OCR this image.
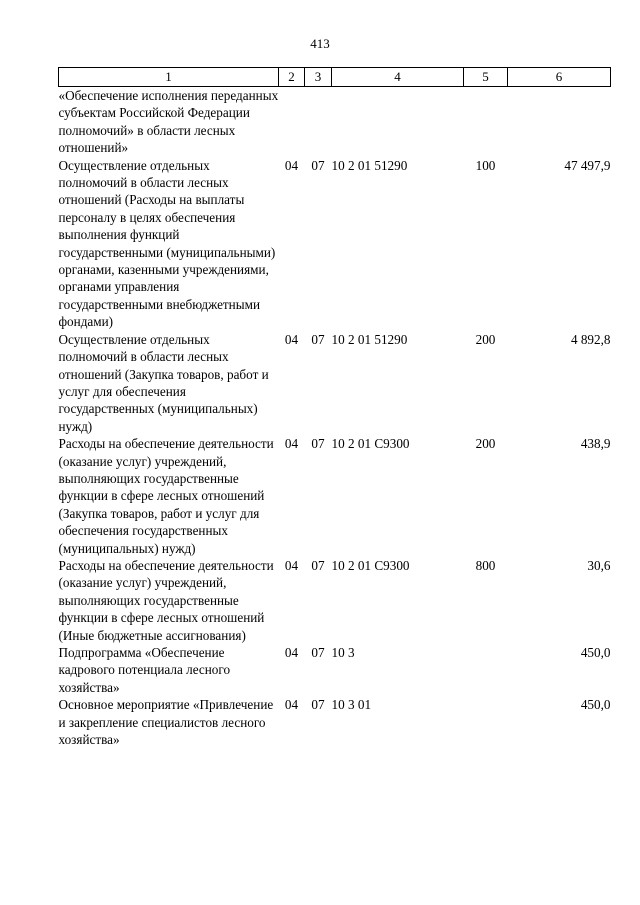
413
1	2	3	4	5	6
«Обеспечение исполнения переданных субъектам Российской Федерации полномочий» в области лесных отношений»					
Осуществление отдельных полномочий в области лесных отношений (Расходы на выплаты персоналу в целях обеспечения выполнения функций государственными (муниципальными) органами, казенными учреждениями, органами управления государственными внебюджетными фондами)	04	07	10 2 01 51290	100	47 497,9
Осуществление отдельных полномочий в области лесных отношений (Закупка товаров, работ и услуг для обеспечения государственных (муниципальных) нужд)	04	07	10 2 01 51290	200	4 892,8
Расходы на обеспечение деятельности (оказание услуг) учреждений, выполняющих государственные функции в сфере лесных отношений (Закупка товаров, работ и услуг для обеспечения государственных (муниципальных) нужд)	04	07	10 2 01 С9300	200	438,9
Расходы на обеспечение деятельности (оказание услуг) учреждений, выполняющих государственные функции в сфере лесных отношений (Иные бюджетные ассигнования)	04	07	10 2 01 С9300	800	30,6
Подпрограмма «Обеспечение кадрового потенциала лесного хозяйства»	04	07	10 3		450,0
Основное мероприятие «Привлечение и закрепление специалистов лесного хозяйства»	04	07	10 3 01		450,0
